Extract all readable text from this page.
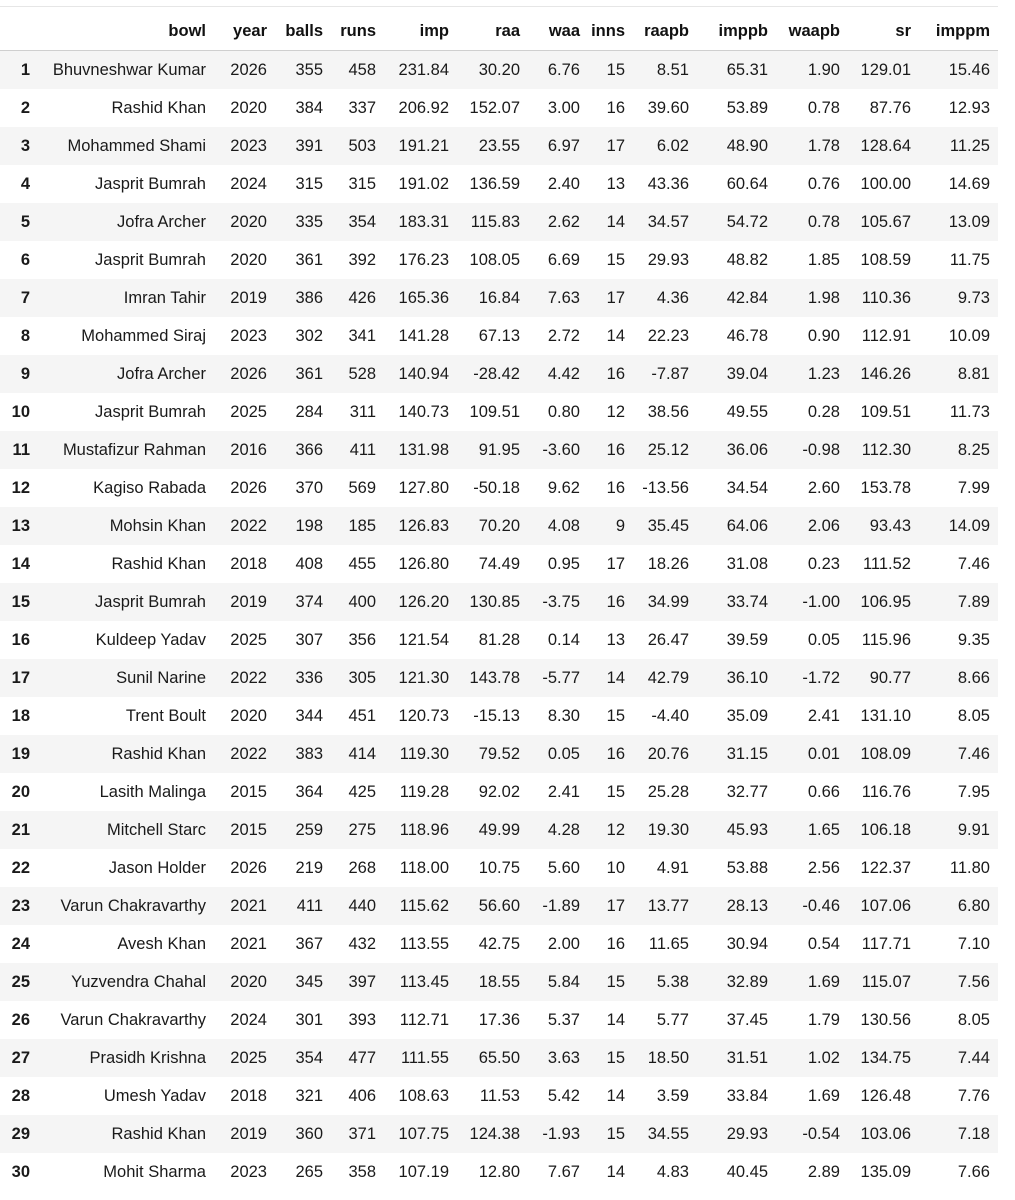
	bowl	year	balls	runs	imp	raa	waa	inns	raapb	imppb	waapb	sr	imppm
1	Bhuvneshwar Kumar	2026	355	458	231.84	30.20	6.76	15	8.51	65.31	1.90	129.01	15.46
2	Rashid Khan	2020	384	337	206.92	152.07	3.00	16	39.60	53.89	0.78	87.76	12.93
3	Mohammed Shami	2023	391	503	191.21	23.55	6.97	17	6.02	48.90	1.78	128.64	11.25
4	Jasprit Bumrah	2024	315	315	191.02	136.59	2.40	13	43.36	60.64	0.76	100.00	14.69
5	Jofra Archer	2020	335	354	183.31	115.83	2.62	14	34.57	54.72	0.78	105.67	13.09
6	Jasprit Bumrah	2020	361	392	176.23	108.05	6.69	15	29.93	48.82	1.85	108.59	11.75
7	Imran Tahir	2019	386	426	165.36	16.84	7.63	17	4.36	42.84	1.98	110.36	9.73
8	Mohammed Siraj	2023	302	341	141.28	67.13	2.72	14	22.23	46.78	0.90	112.91	10.09
9	Jofra Archer	2026	361	528	140.94	-28.42	4.42	16	-7.87	39.04	1.23	146.26	8.81
10	Jasprit Bumrah	2025	284	311	140.73	109.51	0.80	12	38.56	49.55	0.28	109.51	11.73
11	Mustafizur Rahman	2016	366	411	131.98	91.95	-3.60	16	25.12	36.06	-0.98	112.30	8.25
12	Kagiso Rabada	2026	370	569	127.80	-50.18	9.62	16	-13.56	34.54	2.60	153.78	7.99
13	Mohsin Khan	2022	198	185	126.83	70.20	4.08	9	35.45	64.06	2.06	93.43	14.09
14	Rashid Khan	2018	408	455	126.80	74.49	0.95	17	18.26	31.08	0.23	111.52	7.46
15	Jasprit Bumrah	2019	374	400	126.20	130.85	-3.75	16	34.99	33.74	-1.00	106.95	7.89
16	Kuldeep Yadav	2025	307	356	121.54	81.28	0.14	13	26.47	39.59	0.05	115.96	9.35
17	Sunil Narine	2022	336	305	121.30	143.78	-5.77	14	42.79	36.10	-1.72	90.77	8.66
18	Trent Boult	2020	344	451	120.73	-15.13	8.30	15	-4.40	35.09	2.41	131.10	8.05
19	Rashid Khan	2022	383	414	119.30	79.52	0.05	16	20.76	31.15	0.01	108.09	7.46
20	Lasith Malinga	2015	364	425	119.28	92.02	2.41	15	25.28	32.77	0.66	116.76	7.95
21	Mitchell Starc	2015	259	275	118.96	49.99	4.28	12	19.30	45.93	1.65	106.18	9.91
22	Jason Holder	2026	219	268	118.00	10.75	5.60	10	4.91	53.88	2.56	122.37	11.80
23	Varun Chakravarthy	2021	411	440	115.62	56.60	-1.89	17	13.77	28.13	-0.46	107.06	6.80
24	Avesh Khan	2021	367	432	113.55	42.75	2.00	16	11.65	30.94	0.54	117.71	7.10
25	Yuzvendra Chahal	2020	345	397	113.45	18.55	5.84	15	5.38	32.89	1.69	115.07	7.56
26	Varun Chakravarthy	2024	301	393	112.71	17.36	5.37	14	5.77	37.45	1.79	130.56	8.05
27	Prasidh Krishna	2025	354	477	111.55	65.50	3.63	15	18.50	31.51	1.02	134.75	7.44
28	Umesh Yadav	2018	321	406	108.63	11.53	5.42	14	3.59	33.84	1.69	126.48	7.76
29	Rashid Khan	2019	360	371	107.75	124.38	-1.93	15	34.55	29.93	-0.54	103.06	7.18
30	Mohit Sharma	2023	265	358	107.19	12.80	7.67	14	4.83	40.45	2.89	135.09	7.66
